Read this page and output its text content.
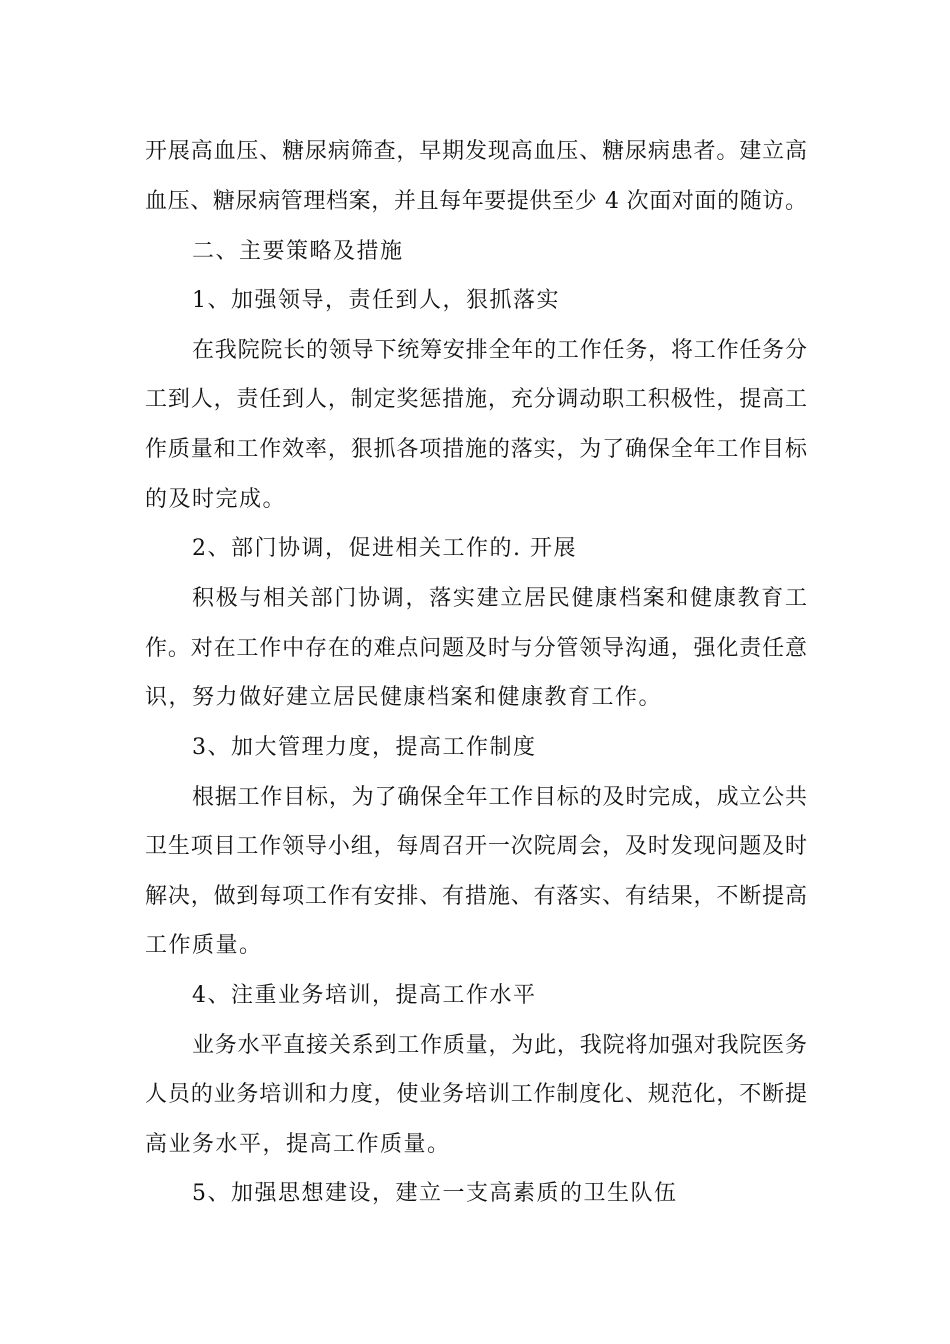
开展高血压、糖尿病筛查，早期发现高血压、糖尿病患者。建立高
血压、糖尿病管理档案，并且每年要提供至少 4 次面对面的随访。
二、主要策略及措施
1、加强领导，责任到人，狠抓落实
在我院院长的领导下统筹安排全年的工作任务，将工作任务分
工到人，责任到人，制定奖惩措施，充分调动职工积极性，提高工
作质量和工作效率，狠抓各项措施的落实，为了确保全年工作目标
的及时完成。
2、部门协调，促进相关工作的. 开展
积极与相关部门协调，落实建立居民健康档案和健康教育工
作。对在工作中存在的难点问题及时与分管领导沟通，强化责任意
识，努力做好建立居民健康档案和健康教育工作。
3、加大管理力度，提高工作制度
根据工作目标，为了确保全年工作目标的及时完成，成立公共
卫生项目工作领导小组，每周召开一次院周会，及时发现问题及时
解决，做到每项工作有安排、有措施、有落实、有结果，不断提高
工作质量。
4、注重业务培训，提高工作水平
业务水平直接关系到工作质量，为此，我院将加强对我院医务
人员的业务培训和力度，使业务培训工作制度化、规范化，不断提
高业务水平，提高工作质量。
5、加强思想建设，建立一支高素质的卫生队伍
